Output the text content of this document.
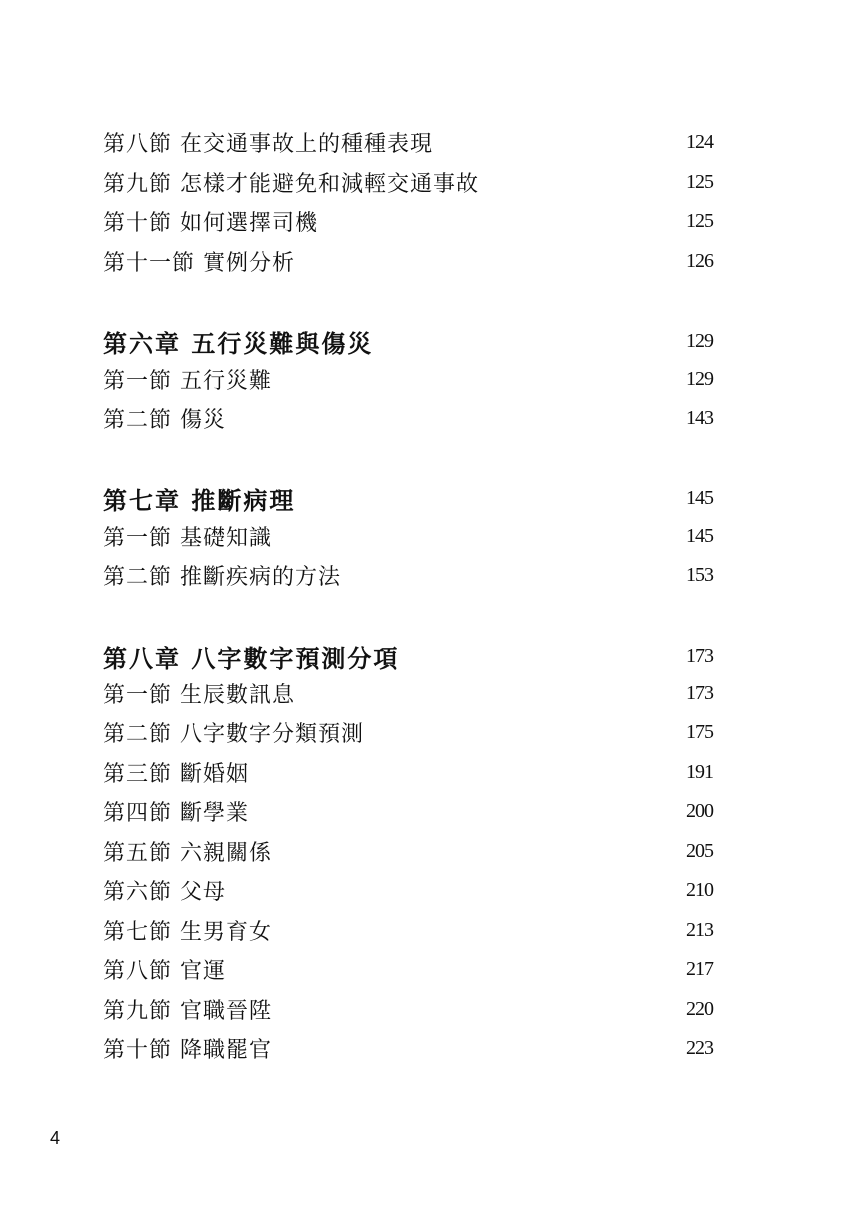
第八節 在交通事故上的種種表現	124
第九節 怎樣才能避免和減輕交通事故	125
第十節 如何選擇司機	125
第十一節 實例分析	126
第六章 五行災難與傷災	129
第一節 五行災難	129
第二節 傷災	143
第七章 推斷病理	145
第一節 基礎知識	145
第二節 推斷疾病的方法	153
第八章 八字數字預測分項	173
第一節 生辰數訊息	173
第二節 八字數字分類預測	175
第三節 斷婚姻	191
第四節 斷學業	200
第五節 六親關係	205
第六節 父母	210
第七節 生男育女	213
第八節 官運	217
第九節 官職晉陞	220
第十節 降職罷官	223
4
